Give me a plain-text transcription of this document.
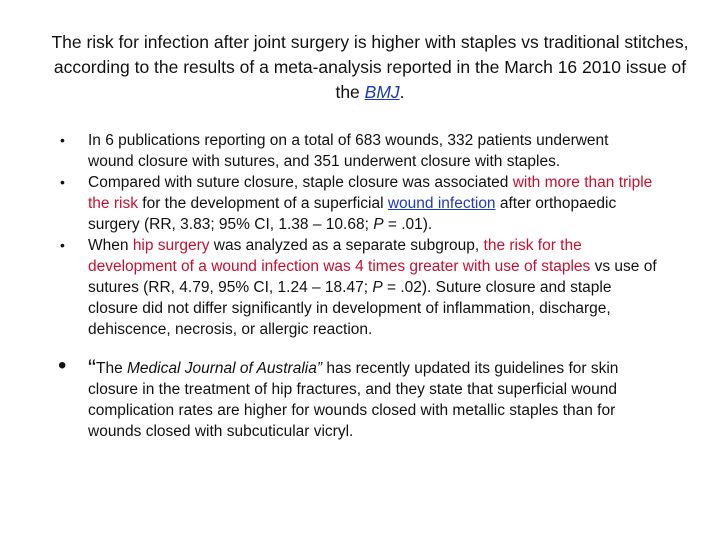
The risk for infection after joint surgery is higher with staples vs traditional stitches, according to the results of a meta-analysis reported in the March 16 2010 issue of the BMJ.
• In 6 publications reporting on a total of 683 wounds, 332 patients underwent wound closure with sutures, and 351 underwent closure with staples.
• Compared with suture closure, staple closure was associated with more than triple the risk for the development of a superficial wound infection after orthopaedic surgery (RR, 3.83; 95% CI, 1.38 – 10.68; P = .01).
• When hip surgery was analyzed as a separate subgroup, the risk for the development of a wound infection was 4 times greater with use of staples vs use of sutures (RR, 4.79, 95% CI, 1.24 – 18.47; P = .02). Suture closure and staple closure did not differ significantly in development of inflammation, discharge, dehiscence, necrosis, or allergic reaction.
• “The Medical Journal of Australia” has recently updated its guidelines for skin closure in the treatment of hip fractures, and they state that superficial wound complication rates are higher for wounds closed with metallic staples than for wounds closed with subcuticular vicryl.
